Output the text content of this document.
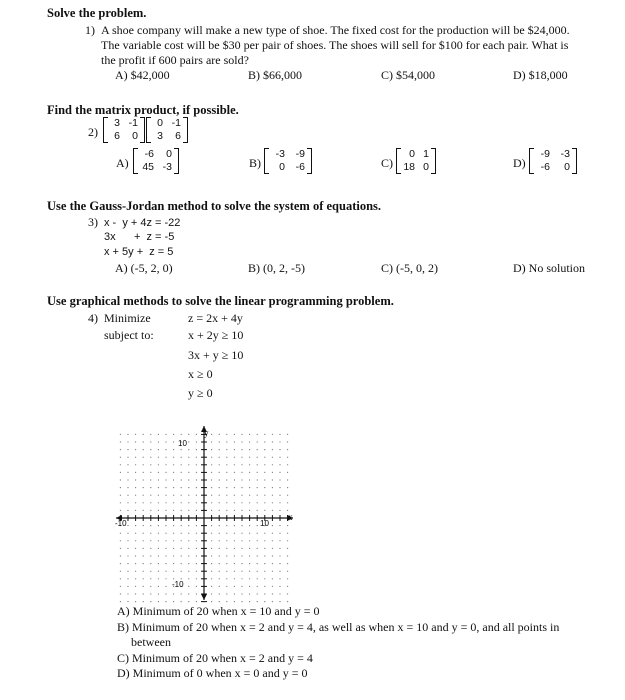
Solve the problem.
1) A shoe company will make a new type of shoe. The fixed cost for the production will be $24,000.
The variable cost will be $30 per pair of shoes. The shoes will sell for $100 for each pair. What is
the profit if 600 pairs are sold?
A) $42,000	B) $66,000	C) $54,000	D) $18,000
Find the matrix product, if possible.
2)
3 -1
6	0
0 -1
3	6
A)
-6	0
45 -3	B)
-3	-9
0	-6	C)
0 1
18 0	D)
-9	-3
-6	0
Use the Gauss-Jordan method to solve the system of equations.
3) x -  y + 4z = -22
3x      +  z = -5
x + 5y +  z = 5
A) (-5, 2, 0)	B) (0, 2, -5)	C) (-5, 0, 2)	D) No solution
Use graphical methods to solve the linear programming problem.
4) Minimize	z = 2x + 4y
subject to:	x + 2y ≥ 10
3x + y ≥ 10
x ≥ 0
y ≥ 0
y
x
10
-10
-10	10
A) Minimum of 20 when x = 10 and y = 0
B) Minimum of 20 when x = 2 and y = 4, as well as when x = 10 and y = 0, and all points in
between
C) Minimum of 20 when x = 2 and y = 4
D) Minimum of 0 when x = 0 and y = 0
